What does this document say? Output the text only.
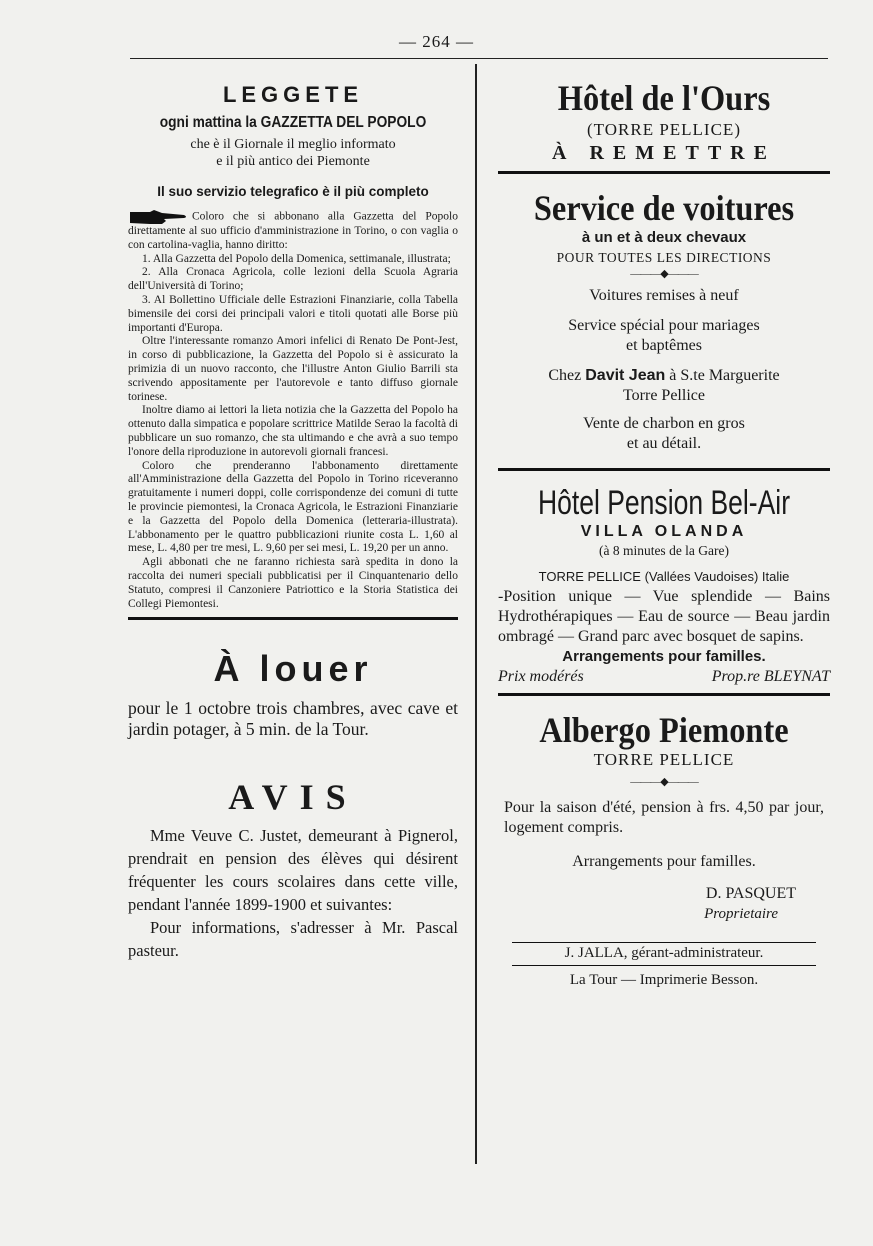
— 264 —
LEGGETE
ogni mattina la GAZZETTA DEL POPOLO
che è il Giornale il meglio informato
e il più antico dei Piemonte
Il suo servizio telegrafico è il più completo

Coloro che si abbonano alla Gazzetta del Popolo direttamente al suo ufficio d'amministrazione in Torino, o con vaglia o con cartolina-vaglia, hanno diritto:

1. Alla Gazzetta del Popolo della Domenica, settimanale, illustrata;

2. Alla Cronaca Agricola, colle lezioni della Scuola Agraria dell'Università di Torino;

3. Al Bollettino Ufficiale delle Estrazioni Finanziarie, colla Tabella bimensile dei corsi dei principali valori e titoli quotati alle Borse più importanti d'Europa.

Oltre l'interessante romanzo Amori infelici di Renato De Pont-Jest, in corso di pubblicazione, la Gazzetta del Popolo si è assicurato la primizia di un nuovo racconto, che l'illustre Anton Giulio Barrili sta scrivendo appositamente per l'autorevole e tanto diffuso giornale torinese.

Inoltre diamo ai lettori la lieta notizia che la Gazzetta del Popolo ha ottenuto dalla simpatica e popolare scrittrice Matilde Serao la facoltà di pubblicare un suo romanzo, che sta ultimando e che avrà a suo tempo l'onore della riproduzione in autorevoli giornali francesi.

Coloro che prenderanno l'abbonamento direttamente all'Amministrazione della Gazzetta del Popolo in Torino riceveranno gratuitamente i numeri doppi, colle corrispondenze dei comuni di tutte le provincie piemontesi, la Cronaca Agricola, le Estrazioni Finanziarie e la Gazzetta del Popolo della Domenica (letteraria-illustrata). L'abbonamento per le quattro pubblicazioni riunite costa L. 1,60 al mese, L. 4,80 per tre mesi, L. 9,60 per sei mesi, L. 19,20 per un anno.

Agli abbonati che ne faranno richiesta sarà spedita in dono la raccolta dei numeri speciali pubblicatisi per il Cinquantenario dello Statuto, compresi il Canzoniere Patriottico e la Storia Statistica dei Collegi Piemontesi.

À louer
pour le 1 octobre trois chambres, avec cave et jardin potager, à 5 min. de la Tour.
AVIS

Mme Veuve C. Justet, demeurant à Pignerol, prendrait en pension des élèves qui désirent fréquenter les cours scolaires dans cette ville, pendant l'année 1899-1900 et suivantes:

Pour informations, s'adresser à Mr. Pascal pasteur.

Hôtel de l'Ours
(TORRE PELLICE)
À REMETTRE
Service de voitures
à un et à deux chevaux
POUR TOUTES LES DIRECTIONS
———◆———
Voitures remises à neuf
Service spécial pour mariages
et baptêmes
Chez Davit Jean à S.te Marguerite
Torre Pellice
Vente de charbon en gros
et au détail.
Hôtel Pension Bel-Air
VILLA OLANDA
(à 8 minutes de la Gare)
TORRE PELLICE (Vallées Vaudoises) Italie
-Position unique — Vue splendide — Bains Hydrothérapiques — Eau de source — Beau jardin ombragé — Grand parc avec bosquet de sapins.
Arrangements pour familles.
Prix modérés	Prop.re BLEYNAT
Albergo Piemonte
TORRE PELLICE
———◆———
Pour la saison d'été, pension à frs. 4,50 par jour, logement compris.
Arrangements pour familles.
D. PASQUET
Proprietaire
J. JALLA, gérant-administrateur.
La Tour — Imprimerie Besson.
